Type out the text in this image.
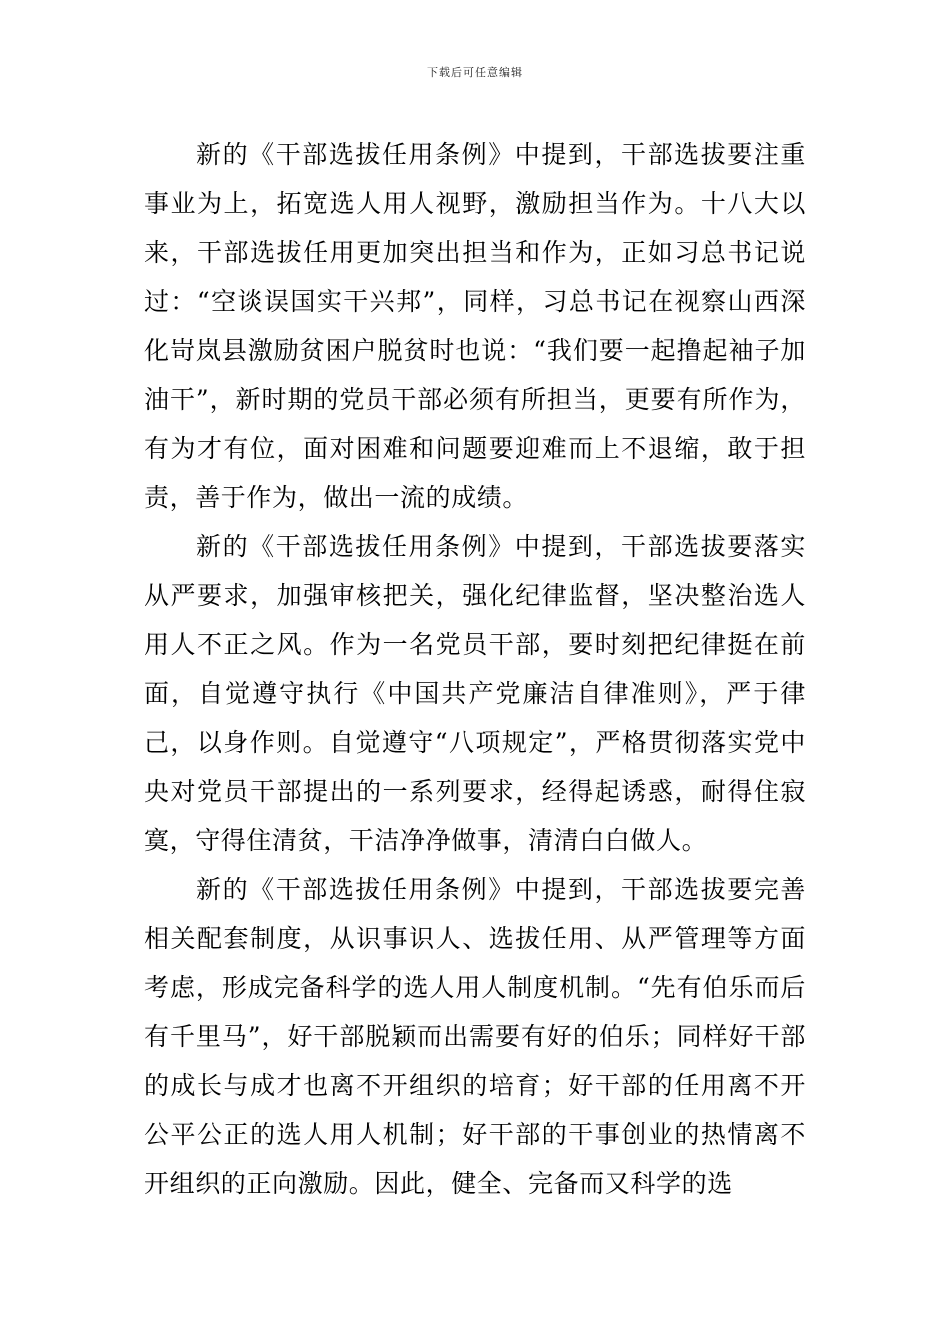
下载后可任意编辑

新的《干部选拔任用条例》中提到，干部选拔要注重事业为上，拓宽选人用人视野，激励担当作为。十八大以来，干部选拔任用更加突出担当和作为，正如习总书记说过：“空谈误国实干兴邦”，同样，习总书记在视察山西深化岢岚县激励贫困户脱贫时也说：“我们要一起撸起袖子加油干”，新时期的党员干部必须有所担当，更要有所作为，有为才有位，面对困难和问题要迎难而上不退缩，敢于担责，善于作为，做出一流的成绩。

新的《干部选拔任用条例》中提到，干部选拔要落实从严要求，加强审核把关，强化纪律监督，坚决整治选人用人不正之风。作为一名党员干部，要时刻把纪律挺在前面，自觉遵守执行《中国共产党廉洁自律准则》，严于律己，以身作则。自觉遵守“八项规定”，严格贯彻落实党中央对党员干部提出的一系列要求，经得起诱惑，耐得住寂寞，守得住清贫，干洁净净做事，清清白白做人。

新的《干部选拔任用条例》中提到，干部选拔要完善相关配套制度，从识事识人、选拔任用、从严管理等方面考虑，形成完备科学的选人用人制度机制。“先有伯乐而后有千里马”，好干部脱颖而出需要有好的伯乐；同样好干部的成长与成才也离不开组织的培育；好干部的任用离不开公平公正的选人用人机制；好干部的干事创业的热情离不开组织的正向激励。因此，健全、完备而又科学的选
